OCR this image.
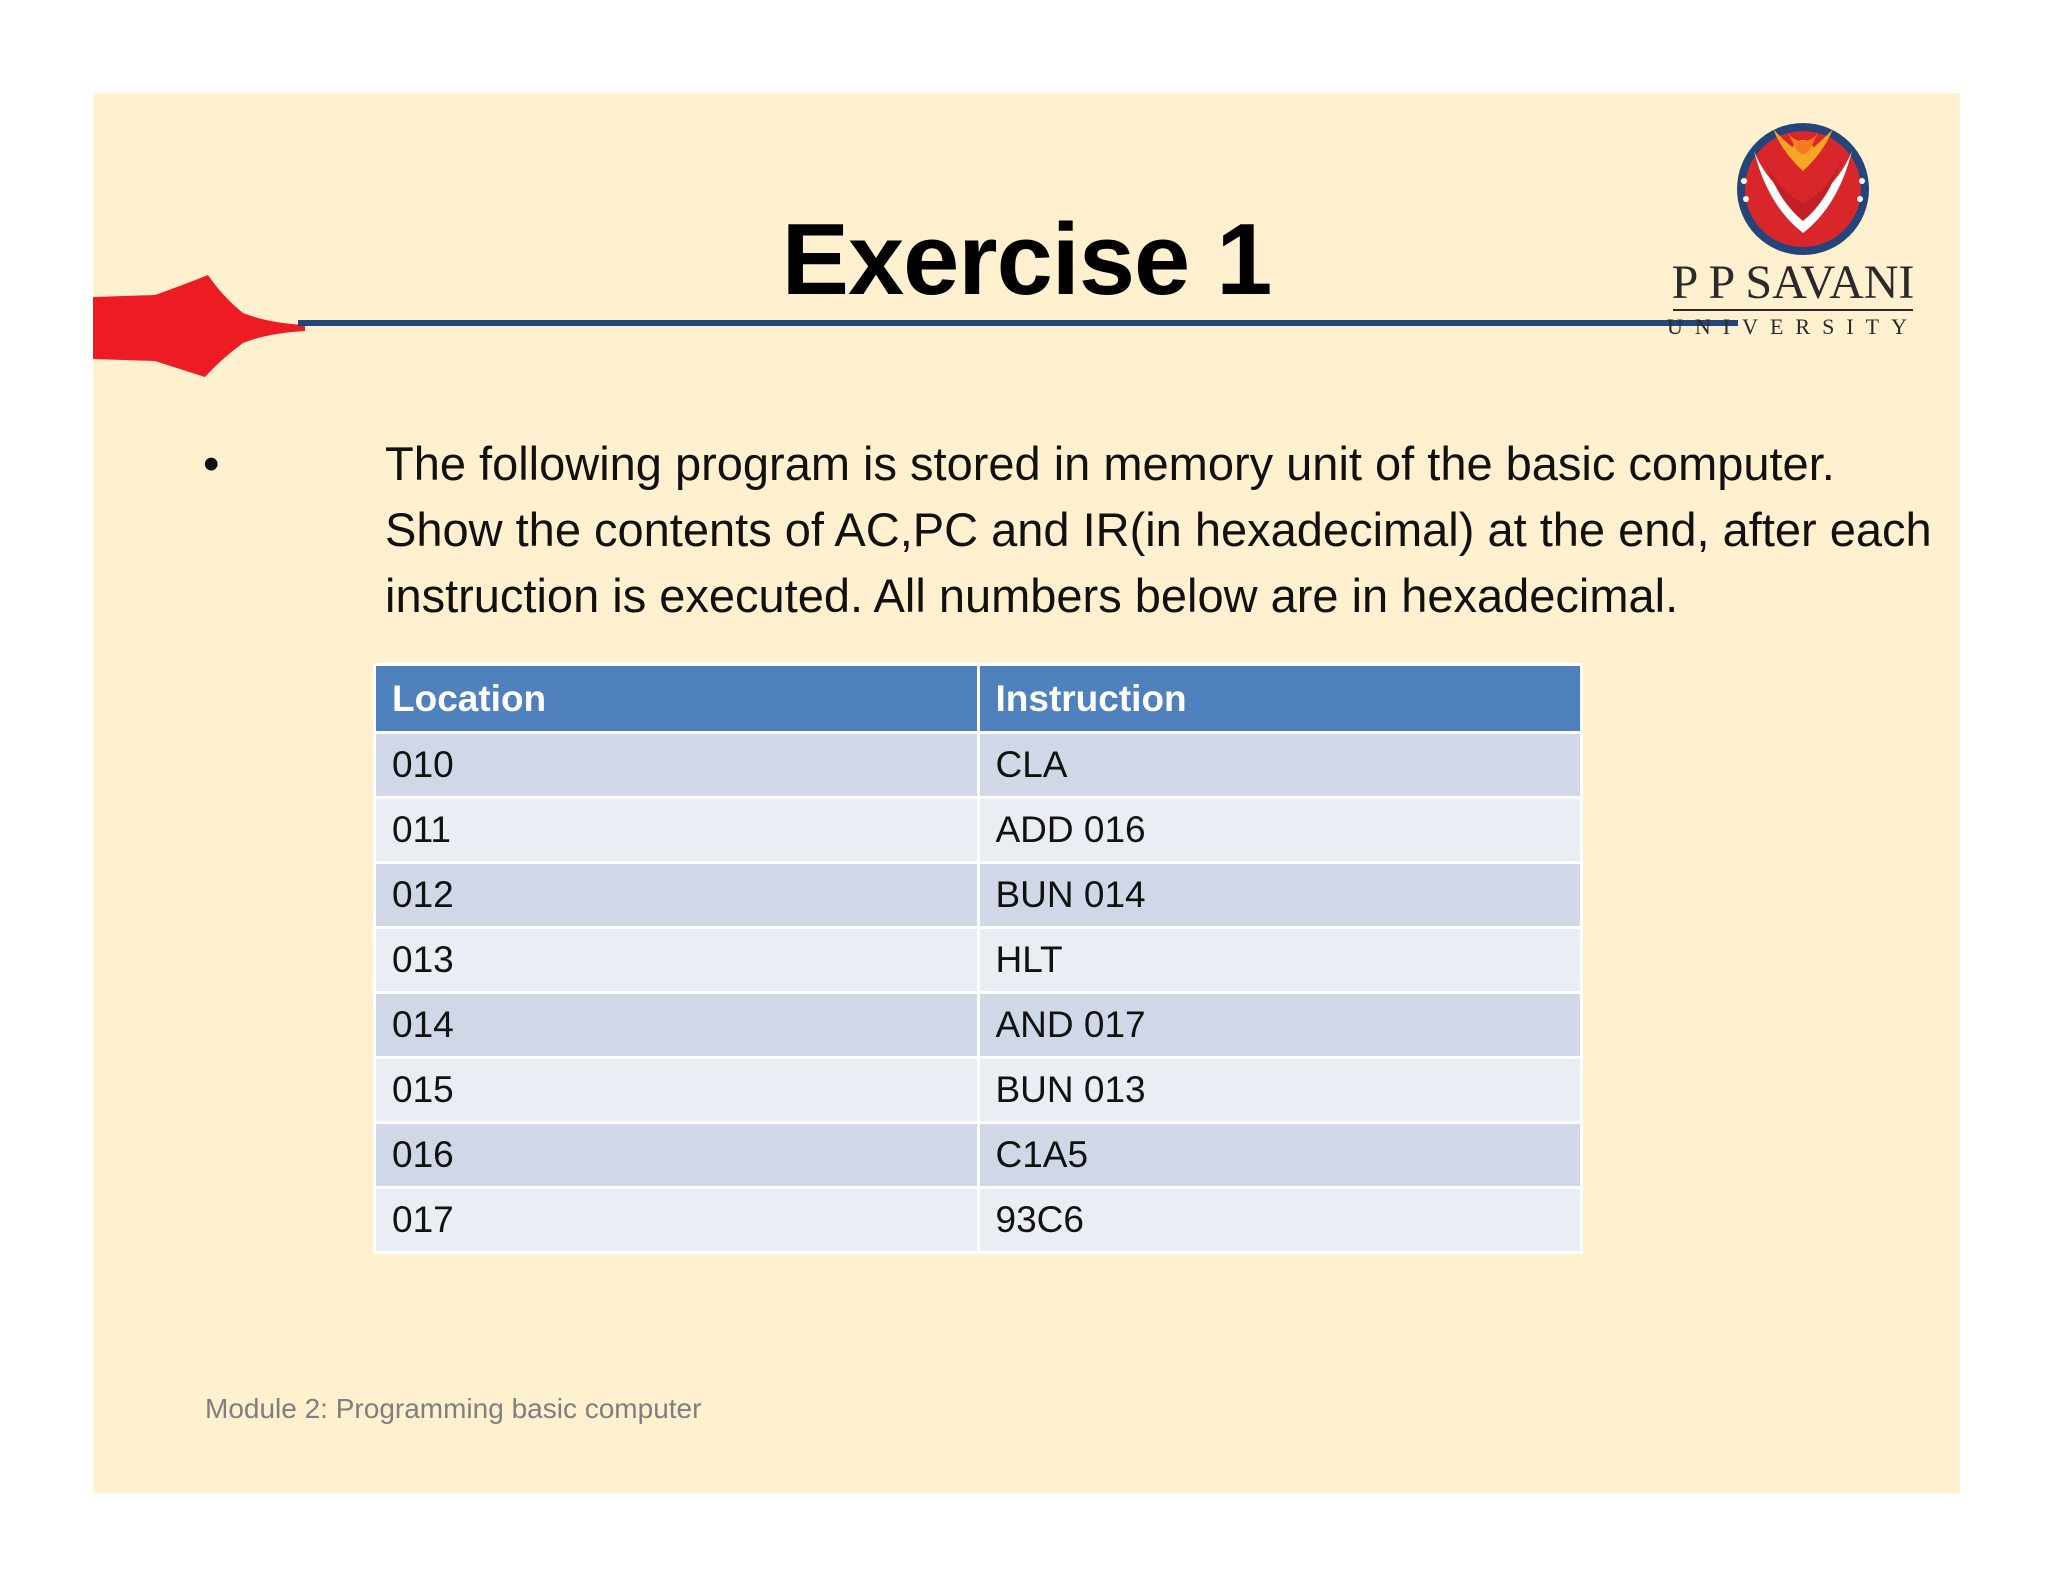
Exercise 1	P P SAVANI
UNIVERSITY
•	The following program is stored in memory unit of the basic computer. Show the contents of AC,PC and IR(in hexadecimal) at the end, after each instruction is executed. All numbers below are in hexadecimal.
Location	Instruction
010	CLA
011	ADD 016
012	BUN 014
013	HLT
014	AND 017
015	BUN 013
016	C1A5
017	93C6
Module 2: Programming basic computer
